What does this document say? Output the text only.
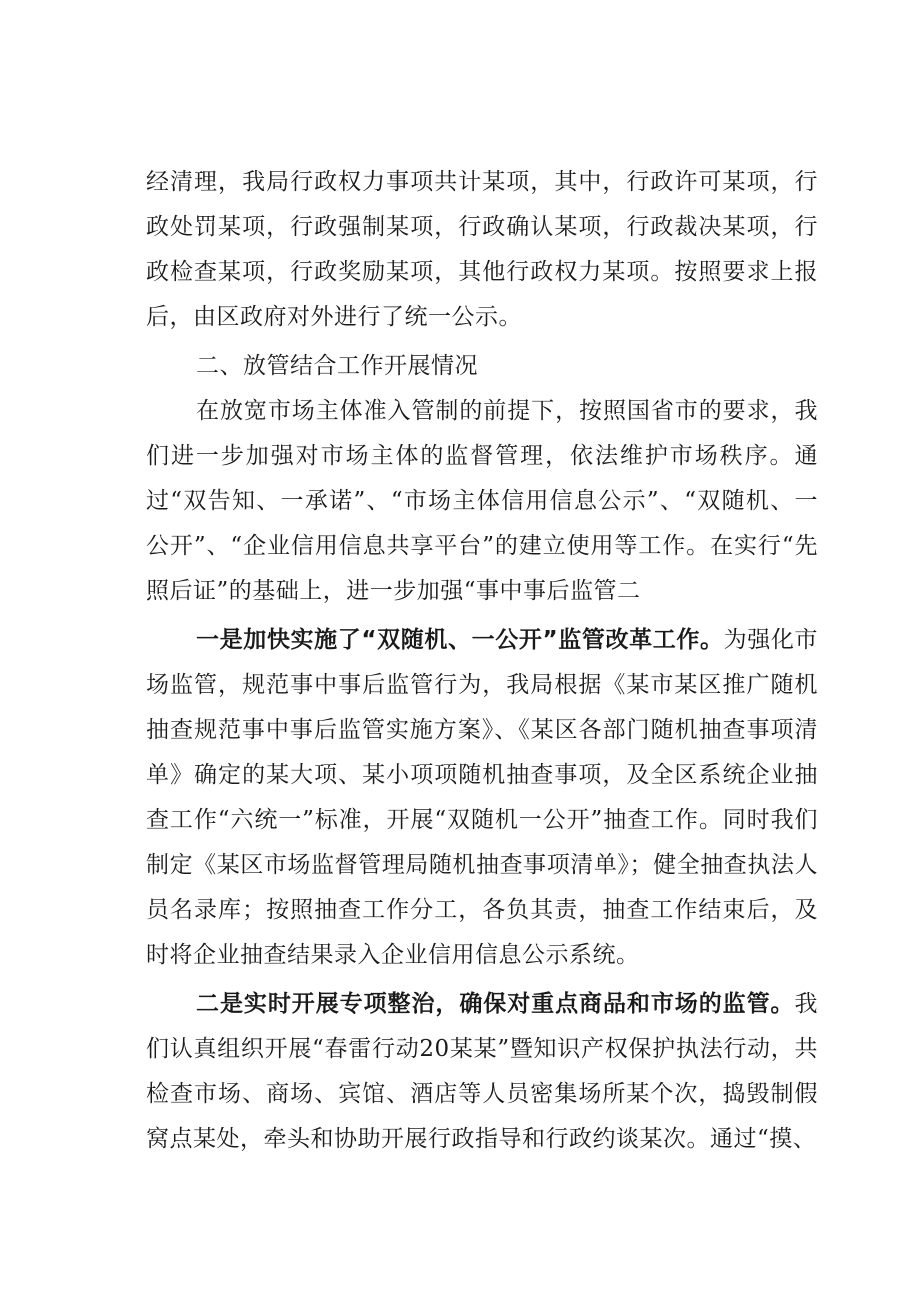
经清理，我局行政权力事项共计某项，其中，行政许可某项，行政处罚某项，行政强制某项，行政确认某项，行政裁决某项，行政检查某项，行政奖励某项，其他行政权力某项。按照要求上报后，由区政府对外进行了统一公示。

二、放管结合工作开展情况

在放宽市场主体准入管制的前提下，按照国省市的要求，我们进一步加强对市场主体的监督管理，依法维护市场秩序。通过“双告知、一承诺”、“市场主体信用信息公示”、“双随机、一公开”、“企业信用信息共享平台”的建立使用等工作。在实行“先照后证”的基础上，进一步加强“事中事后监管二

一是加快实施了“双随机、一公开”监管改革工作。为强化市场监管，规范事中事后监管行为，我局根据《某市某区推广随机抽查规范事中事后监管实施方案》、《某区各部门随机抽查事项清单》确定的某大项、某小项项随机抽查事项，及全区系统企业抽查工作“六统一”标准，开展“双随机一公开”抽查工作。同时我们制定《某区市场监督管理局随机抽查事项清单》；健全抽查执法人员名录库；按照抽查工作分工，各负其责，抽查工作结束后，及时将企业抽查结果录入企业信用信息公示系统。

二是实时开展专项整治，确保对重点商品和市场的监管。我们认真组织开展“春雷行动20某某”暨知识产权保护执法行动，共检查市场、商场、宾馆、酒店等人员密集场所某个次，捣毁制假窝点某处，牵头和协助开展行政指导和行政约谈某次。通过“摸、
